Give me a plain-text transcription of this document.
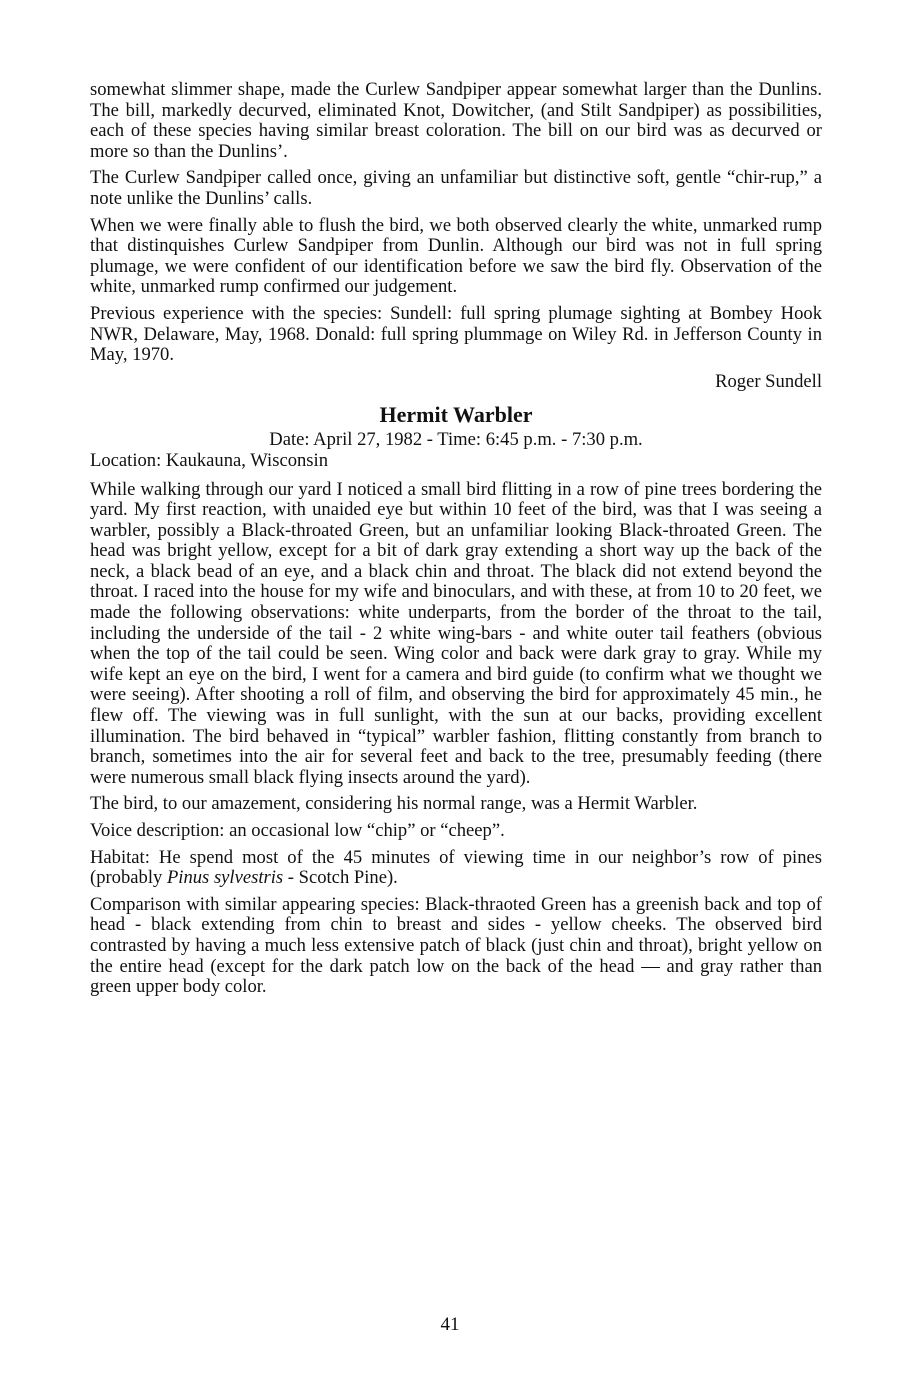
somewhat slimmer shape, made the Curlew Sandpiper appear somewhat larger than the Dunlins. The bill, markedly decurved, eliminated Knot, Dowitcher, (and Stilt Sandpiper) as possibilities, each of these species having similar breast coloration. The bill on our bird was as decurved or more so than the Dunlins’.

The Curlew Sandpiper called once, giving an unfamiliar but distinctive soft, gentle “chir-rup,” a note unlike the Dunlins’ calls.

When we were finally able to flush the bird, we both observed clearly the white, unmarked rump that distinquishes Curlew Sandpiper from Dunlin. Although our bird was not in full spring plumage, we were confident of our identification before we saw the bird fly. Observation of the white, unmarked rump confirmed our judgement.

Previous experience with the species: Sundell: full spring plumage sighting at Bombey Hook NWR, Delaware, May, 1968. Donald: full spring plummage on Wiley Rd. in Jefferson County in May, 1970.

Roger Sundell

Hermit Warbler

Date: April 27, 1982 - Time: 6:45 p.m. - 7:30 p.m.

Location: Kaukauna, Wisconsin

While walking through our yard I noticed a small bird flitting in a row of pine trees bordering the yard. My first reaction, with unaided eye but within 10 feet of the bird, was that I was seeing a warbler, possibly a Black-throated Green, but an unfamiliar looking Black-throated Green. The head was bright yellow, except for a bit of dark gray extending a short way up the back of the neck, a black bead of an eye, and a black chin and throat. The black did not extend beyond the throat. I raced into the house for my wife and binoculars, and with these, at from 10 to 20 feet, we made the following observations: white underparts, from the border of the throat to the tail, including the underside of the tail - 2 white wing-bars - and white outer tail feathers (obvious when the top of the tail could be seen. Wing color and back were dark gray to gray. While my wife kept an eye on the bird, I went for a camera and bird guide (to confirm what we thought we were seeing). After shooting a roll of film, and observing the bird for approximately 45 min., he flew off. The viewing was in full sunlight, with the sun at our backs, providing excellent illumination. The bird behaved in “typical” warbler fashion, flitting constantly from branch to branch, sometimes into the air for several feet and back to the tree, presumably feeding (there were numerous small black flying insects around the yard).

The bird, to our amazement, considering his normal range, was a Hermit Warbler.

Voice description: an occasional low “chip” or “cheep”.

Habitat: He spend most of the 45 minutes of viewing time in our neighbor’s row of pines (probably Pinus sylvestris - Scotch Pine).

Comparison with similar appearing species: Black-thraoted Green has a greenish back and top of head - black extending from chin to breast and sides - yellow cheeks. The observed bird contrasted by having a much less extensive patch of black (just chin and throat), bright yellow on the entire head (except for the dark patch low on the back of the head — and gray rather than green upper body color.

41
